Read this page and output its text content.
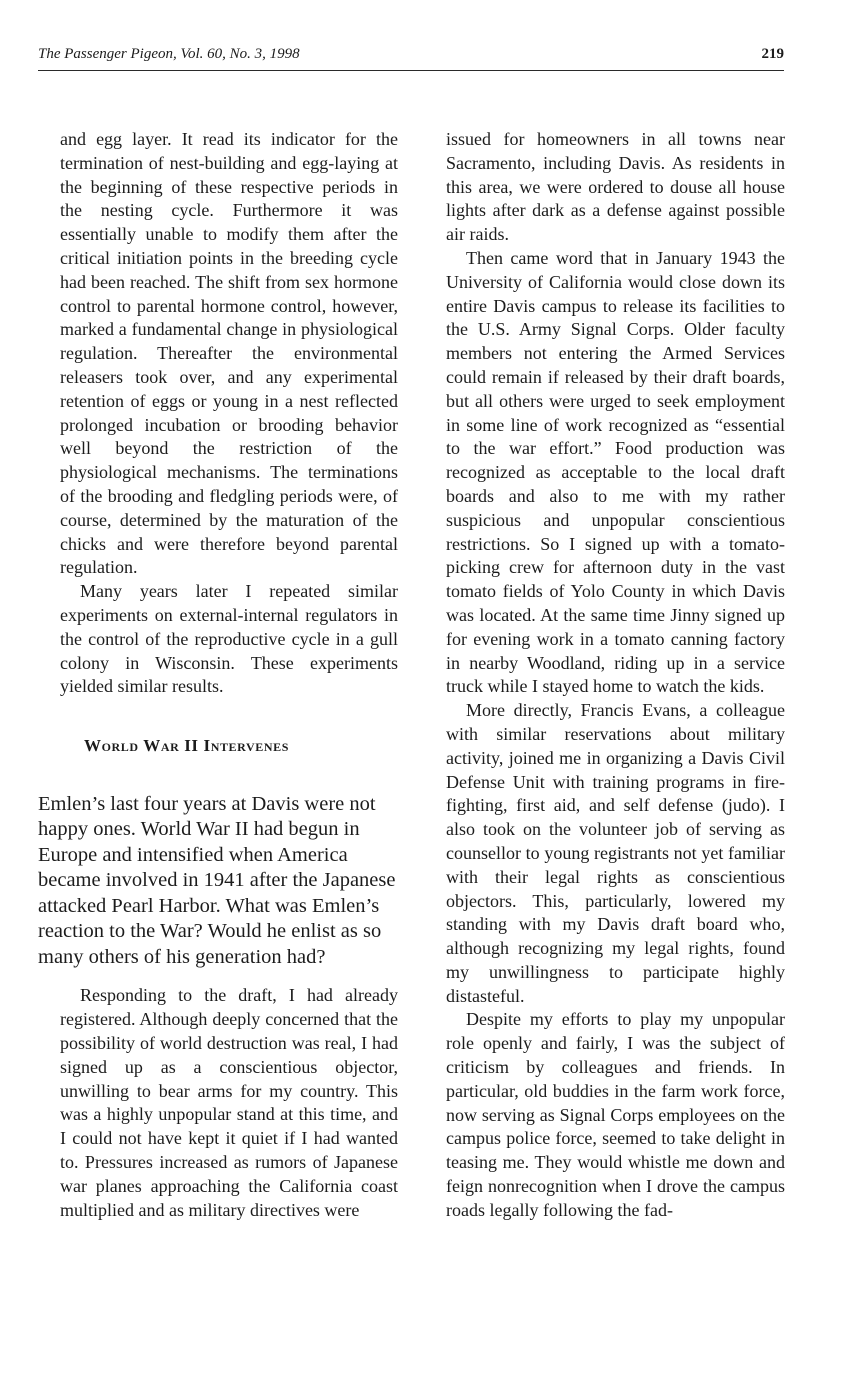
The Passenger Pigeon, Vol. 60, No. 3, 1998	219

and egg layer. It read its indicator for the termination of nest-building and egg-laying at the beginning of these respective periods in the nesting cycle. Furthermore it was essentially unable to modify them after the critical initiation points in the breeding cycle had been reached. The shift from sex hormone control to parental hormone control, however, marked a fundamental change in physiological regulation. Thereafter the environmental releasers took over, and any experimental retention of eggs or young in a nest reflected prolonged incubation or brooding behavior well beyond the restriction of the physiological mechanisms. The terminations of the brooding and fledgling periods were, of course, determined by the maturation of the chicks and were therefore beyond parental regulation.

Many years later I repeated similar experiments on external-internal regulators in the control of the reproductive cycle in a gull colony in Wisconsin. These experiments yielded similar results.

World War II Intervenes

Emlen’s last four years at Davis were not happy ones. World War II had begun in Europe and intensified when America became involved in 1941 after the Japanese attacked Pearl Harbor. What was Emlen’s reaction to the War? Would he enlist as so many others of his generation had?

Responding to the draft, I had already registered. Although deeply concerned that the possibility of world destruction was real, I had signed up as a conscientious objector, unwilling to bear arms for my country. This was a highly unpopular stand at this time, and I could not have kept it quiet if I had wanted to. Pressures increased as rumors of Japanese war planes approaching the California coast multiplied and as military directives were

issued for homeowners in all towns near Sacramento, including Davis. As residents in this area, we were ordered to douse all house lights after dark as a defense against possible air raids.

Then came word that in January 1943 the University of California would close down its entire Davis campus to release its facilities to the U.S. Army Signal Corps. Older faculty members not entering the Armed Services could remain if released by their draft boards, but all others were urged to seek employment in some line of work recognized as “essential to the war effort.” Food production was recognized as acceptable to the local draft boards and also to me with my rather suspicious and unpopular conscientious restrictions. So I signed up with a tomato-picking crew for afternoon duty in the vast tomato fields of Yolo County in which Davis was located. At the same time Jinny signed up for evening work in a tomato canning factory in nearby Woodland, riding up in a service truck while I stayed home to watch the kids.

More directly, Francis Evans, a colleague with similar reservations about military activity, joined me in organizing a Davis Civil Defense Unit with training programs in fire-fighting, first aid, and self defense (judo). I also took on the volunteer job of serving as counsellor to young registrants not yet familiar with their legal rights as conscientious objectors. This, particularly, lowered my standing with my Davis draft board who, although recognizing my legal rights, found my unwillingness to participate highly distasteful.

Despite my efforts to play my unpopular role openly and fairly, I was the subject of criticism by colleagues and friends. In particular, old buddies in the farm work force, now serving as Signal Corps employees on the campus police force, seemed to take delight in teasing me. They would whistle me down and feign nonrecognition when I drove the campus roads legally following the fad-
